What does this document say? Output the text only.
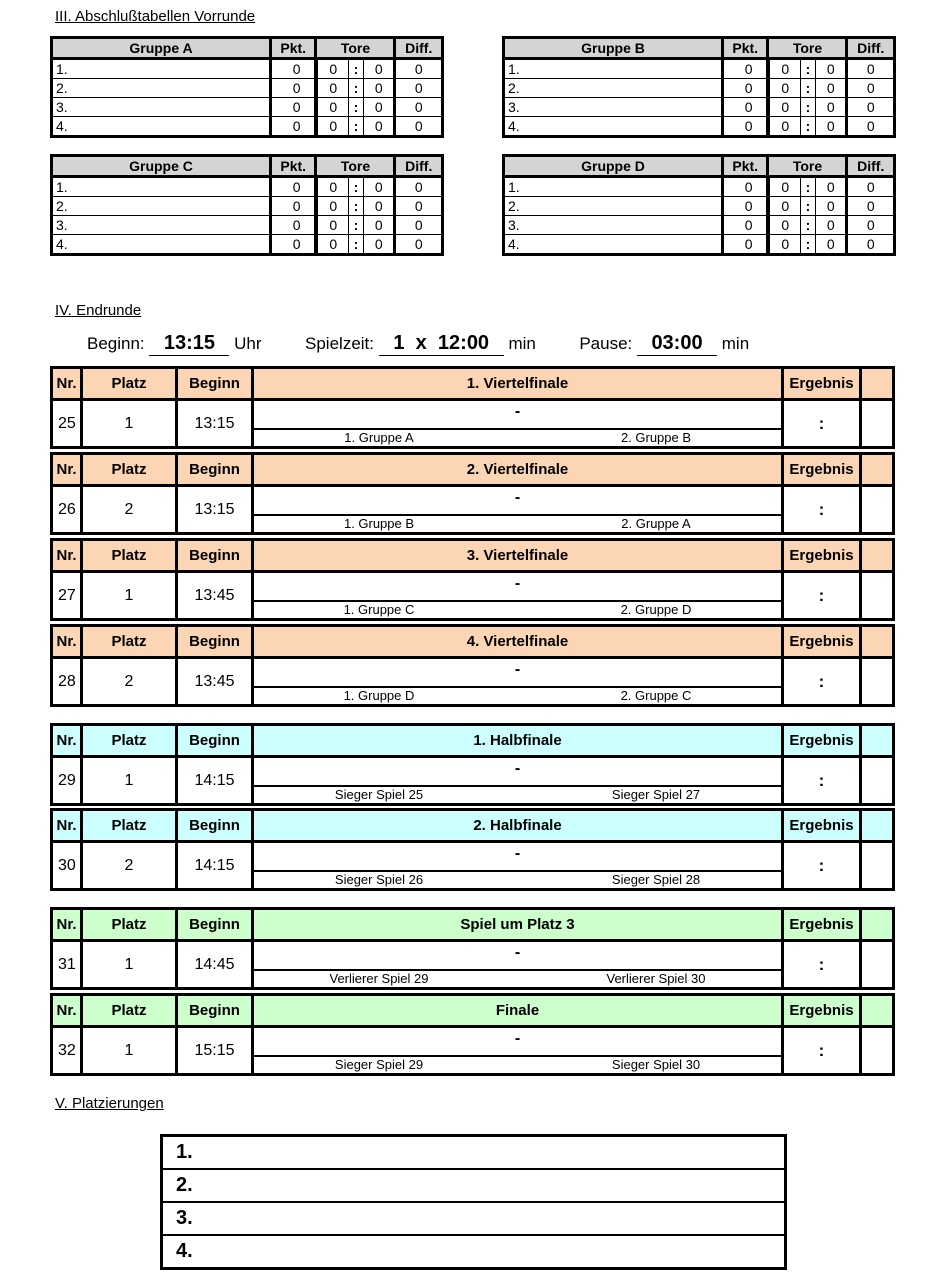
III. Abschlußtabellen Vorrunde
Gruppe A	Pkt.	Tore	Diff.
1.	0	0 : 0	0
2.	0	0 : 0	0
3.	0	0 : 0	0
4.	0	0 : 0	0
Gruppe B	Pkt.	Tore	Diff.
1.	0	0 : 0	0
2.	0	0 : 0	0
3.	0	0 : 0	0
4.	0	0 : 0	0
Gruppe C	Pkt.	Tore	Diff.
1.	0	0 : 0	0
2.	0	0 : 0	0
3.	0	0 : 0	0
4.	0	0 : 0	0
Gruppe D	Pkt.	Tore	Diff.
1.	0	0 : 0	0
2.	0	0 : 0	0
3.	0	0 : 0	0
4.	0	0 : 0	0
IV. Endrunde
Beginn: 13:15 Uhr	Spielzeit: 1 x 12:00 min	Pause: 03:00 min
Nr.	Platz	Beginn	1. Viertelfinale	Ergebnis
25	1	13:15
-
1. Gruppe A	2. Gruppe B
:
Nr.	Platz	Beginn	2. Viertelfinale	Ergebnis
26	2	13:15
-
1. Gruppe B	2. Gruppe A
:
Nr.	Platz	Beginn	3. Viertelfinale	Ergebnis
27	1	13:45
-
1. Gruppe C	2. Gruppe D
:
Nr.	Platz	Beginn	4. Viertelfinale	Ergebnis
28	2	13:45
-
1. Gruppe D	2. Gruppe C
:
Nr.	Platz	Beginn	1. Halbfinale	Ergebnis
29	1	14:15
-
Sieger Spiel 25	Sieger Spiel 27
:
Nr.	Platz	Beginn	2. Halbfinale	Ergebnis
30	2	14:15
-
Sieger Spiel 26	Sieger Spiel 28
:
Nr.	Platz	Beginn	Spiel um Platz 3	Ergebnis
31	1	14:45
-
Verlierer Spiel 29	Verlierer Spiel 30
:
Nr.	Platz	Beginn	Finale	Ergebnis
32	1	15:15
-
Sieger Spiel 29	Sieger Spiel 30
:
V. Platzierungen
1.
2.
3.
4.
